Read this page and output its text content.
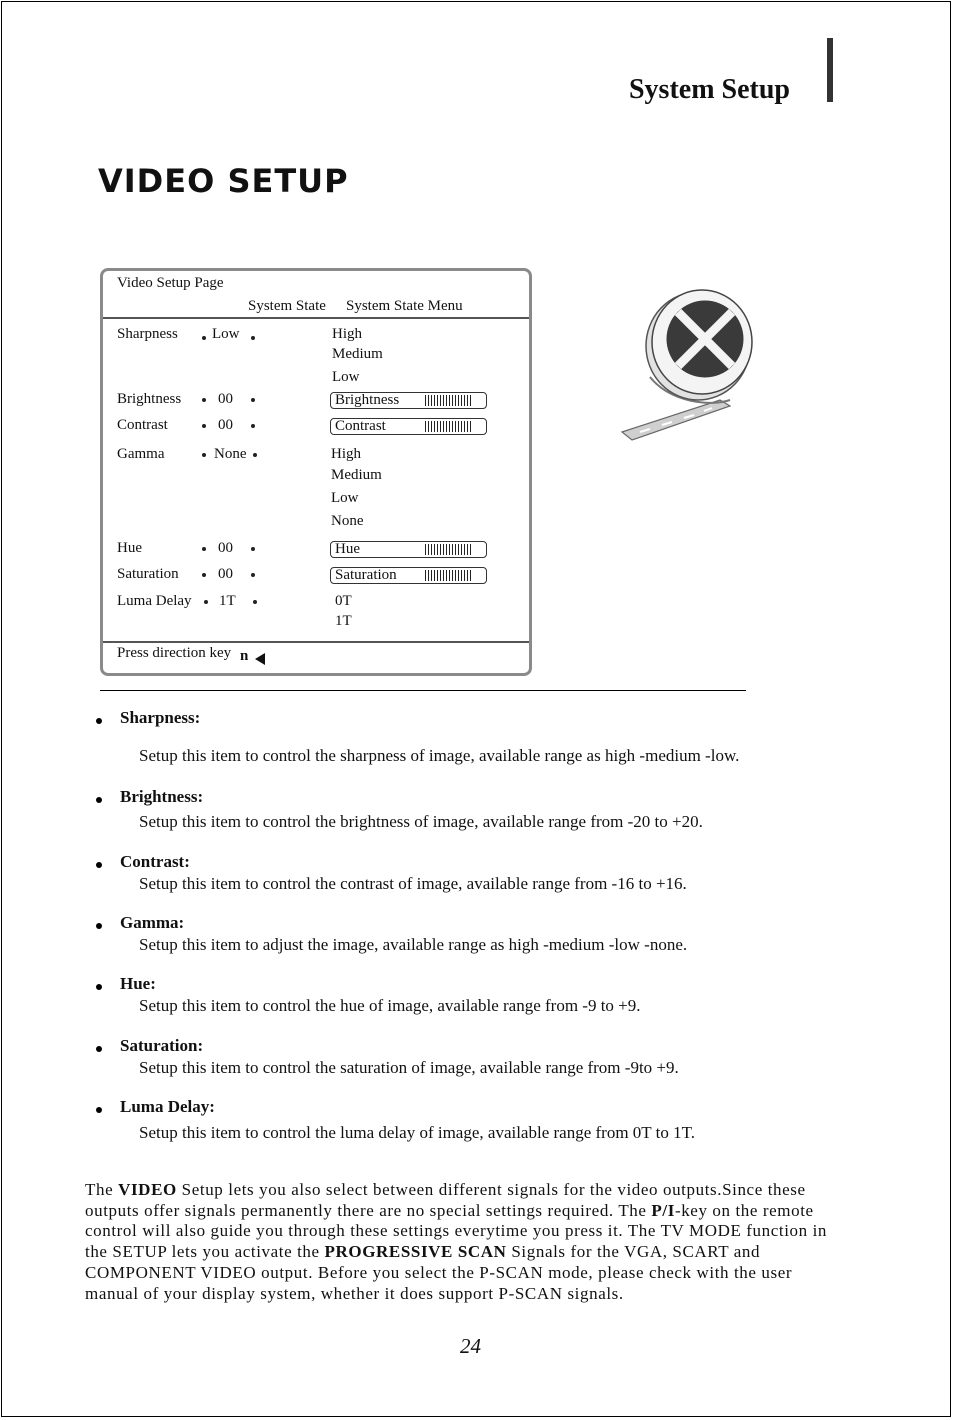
System Setup
VIDEO SETUP
Video Setup Page
System State System State Menu
Sharpness Low	High
Medium
Low
Brightness 00	Brightness
Contrast	00	Contrast
Gamma	None	High
Medium
Low
None
Hue	00	Hue
Saturation	00	Saturation
Luma Delay 1T	0T
1T
Press direction key n
Sharpness:
Setup this item to control the sharpness of image, available range as high -medium -low.
Brightness:
Setup this item to control the brightness of image, available range from -20 to +20.
Contrast:
Setup this item to control the contrast of image, available range from -16 to +16.
Gamma:
Setup this item to adjust the image, available range as high -medium -low -none.
Hue:
Setup this item to control the hue of image, available range from -9 to +9.
Saturation:
Setup this item to control the saturation of image, available range from -9to +9.
Luma Delay:
Setup this item to control the luma delay of image, available range from 0T to 1T.
The VIDEO Setup lets you also select between different signals for the video outputs.Since these outputs offer signals permanently there are no special settings required. The P/I-key on the remote control will also guide you through these settings everytime you press it. The TV MODE function in the SETUP lets you activate the PROGRESSIVE SCAN Signals for the VGA, SCART and COMPONENT VIDEO output. Before you select the P-SCAN mode, please check with the user manual of your display system, whether it does support P-SCAN signals.
24
